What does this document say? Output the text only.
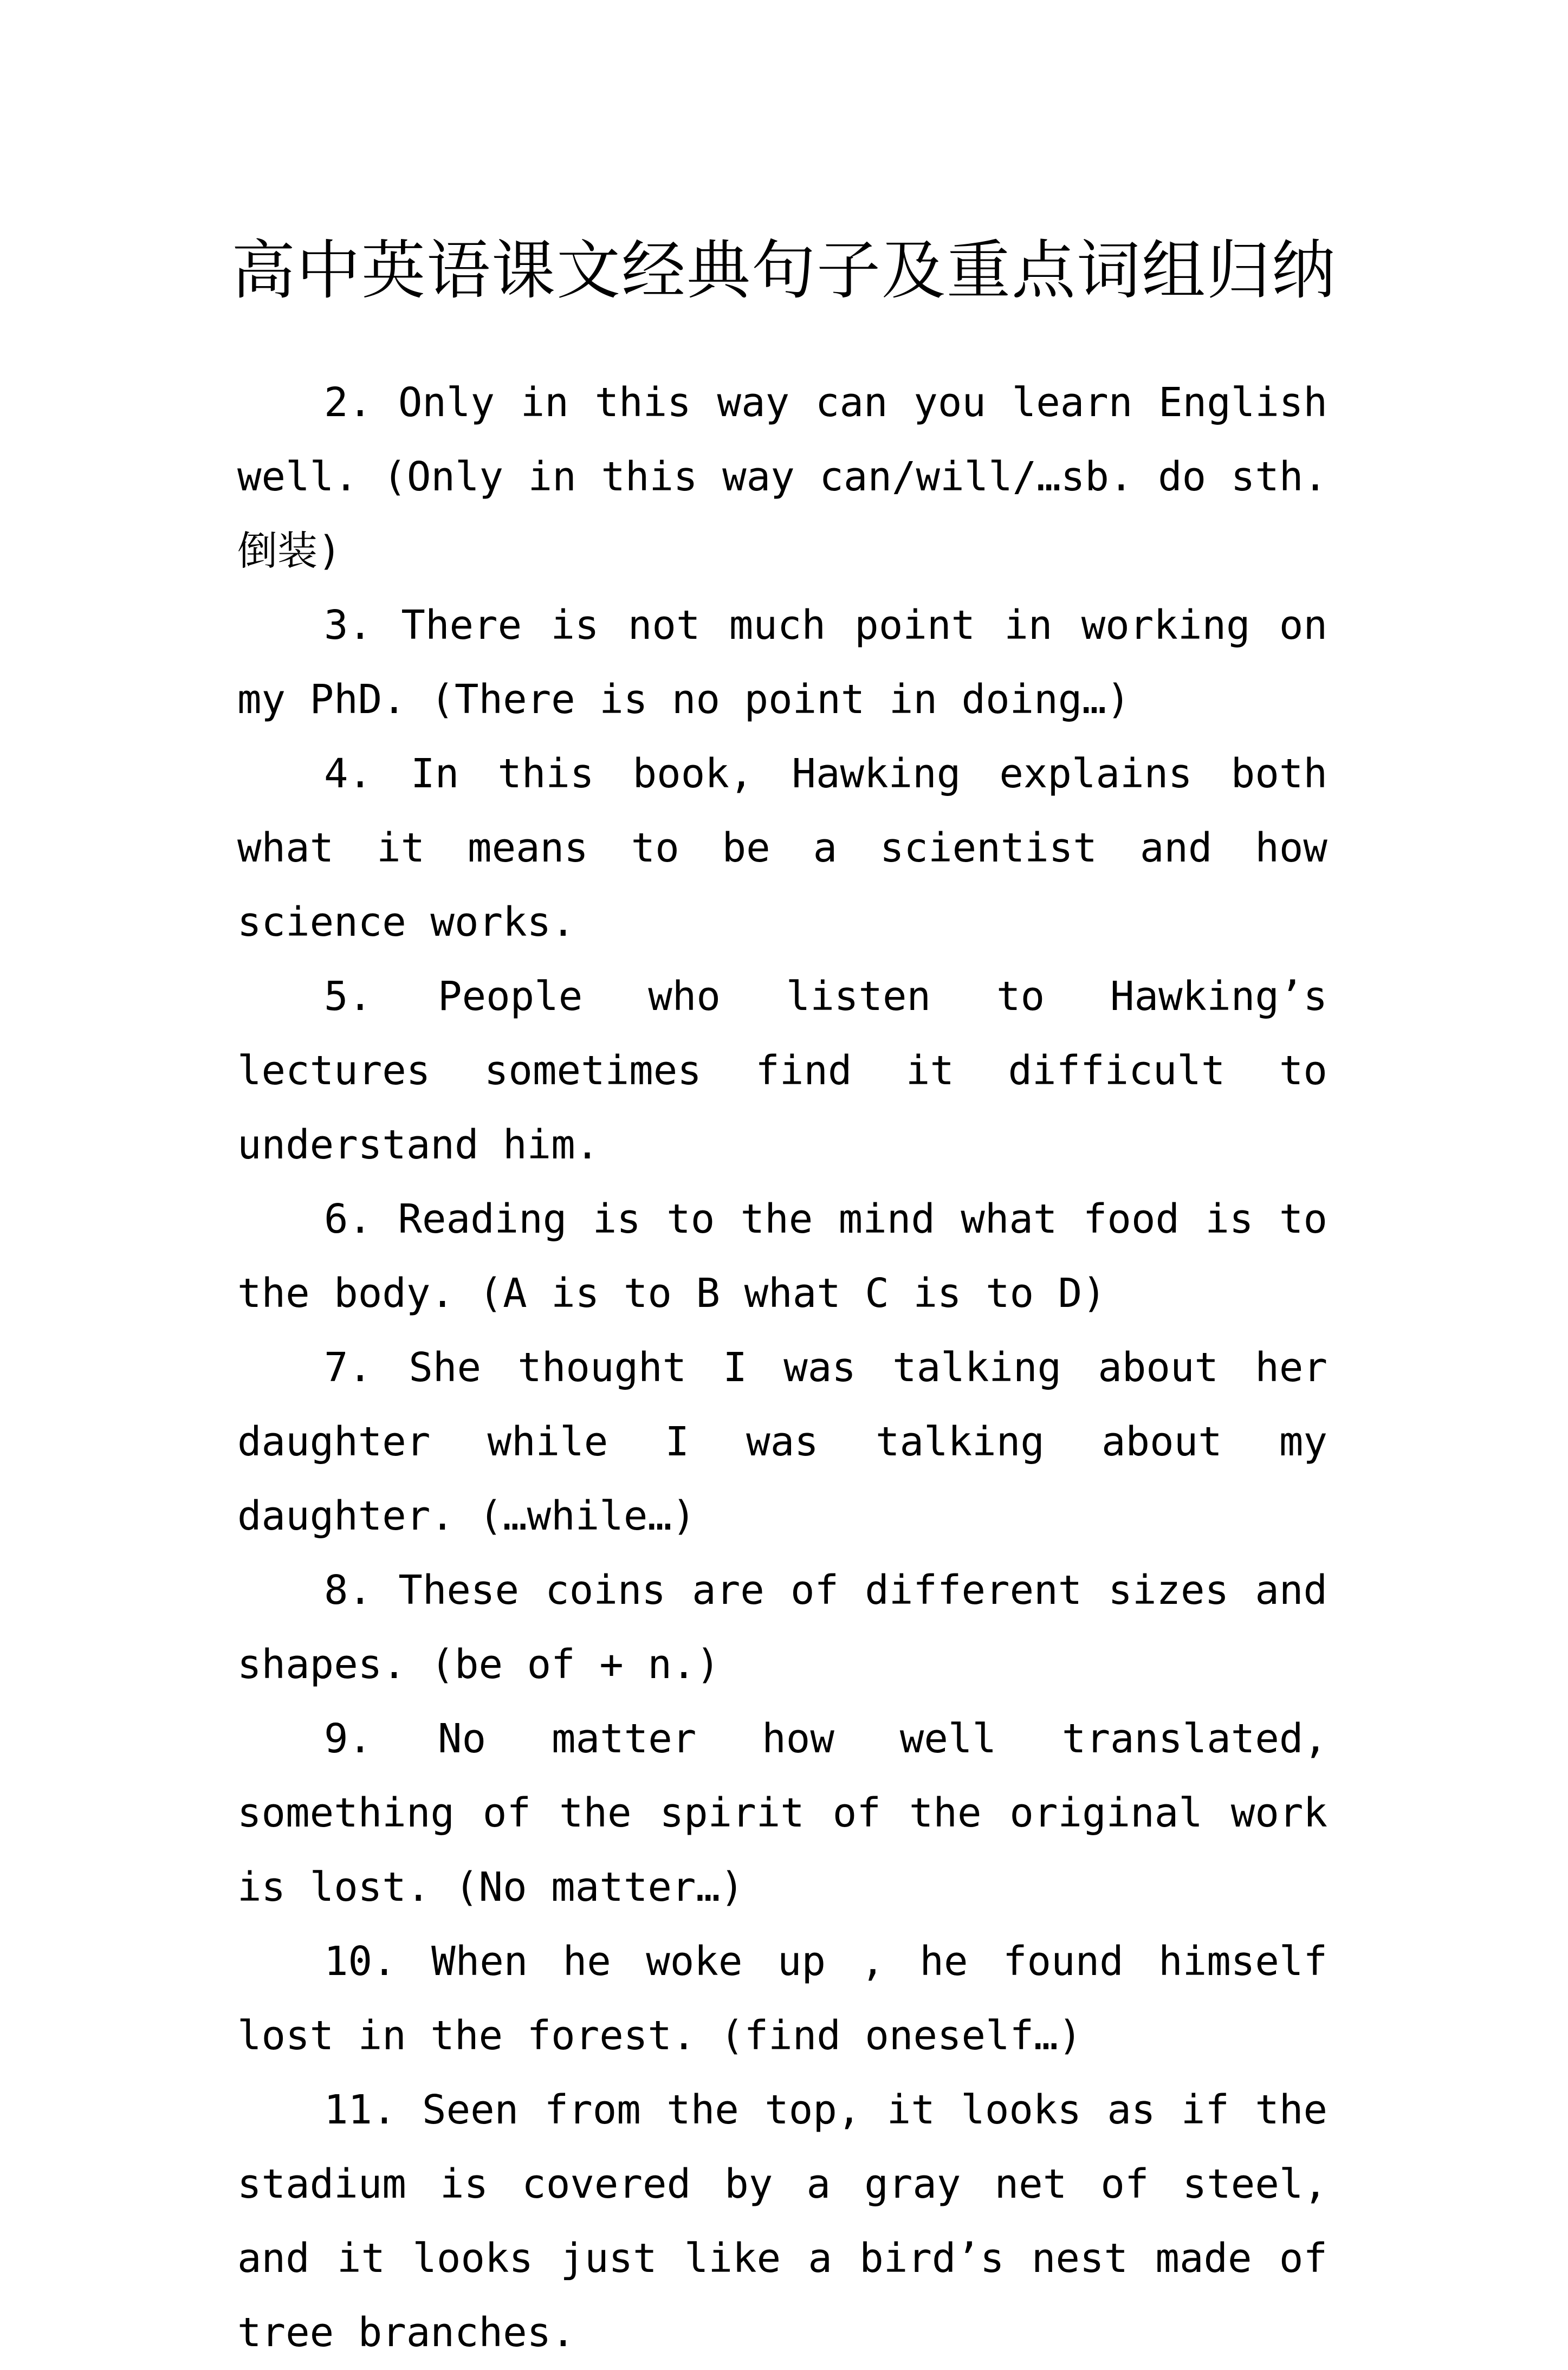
高中英语课文经典句子及重点词组归纳

2. Only in this way can you learn English well. (Only in this way can/will/…sb. do sth.倒装)

3. There is not much point in working on my PhD. (There is no point in doing…)

4. In this book, Hawking explains both what it means to be a scientist and how science works.

5. People who listen to Hawking’s lectures sometimes find it difficult to understand him.

6. Reading is to the mind what food is to the body. (A is to B what C is to D)

7. She thought I was talking about her daughter while I was talking about my daughter. (…while…)

8. These coins are of different sizes and shapes. (be of + n.)

9. No matter how well translated, something of the spirit of the original work is lost. (No matter…)

10. When he woke up , he found himself lost in the forest. (find oneself…)

11. Seen from the top, it looks as if the stadium is covered by a gray net of steel, and it looks just like a bird’s nest made of tree branches.
